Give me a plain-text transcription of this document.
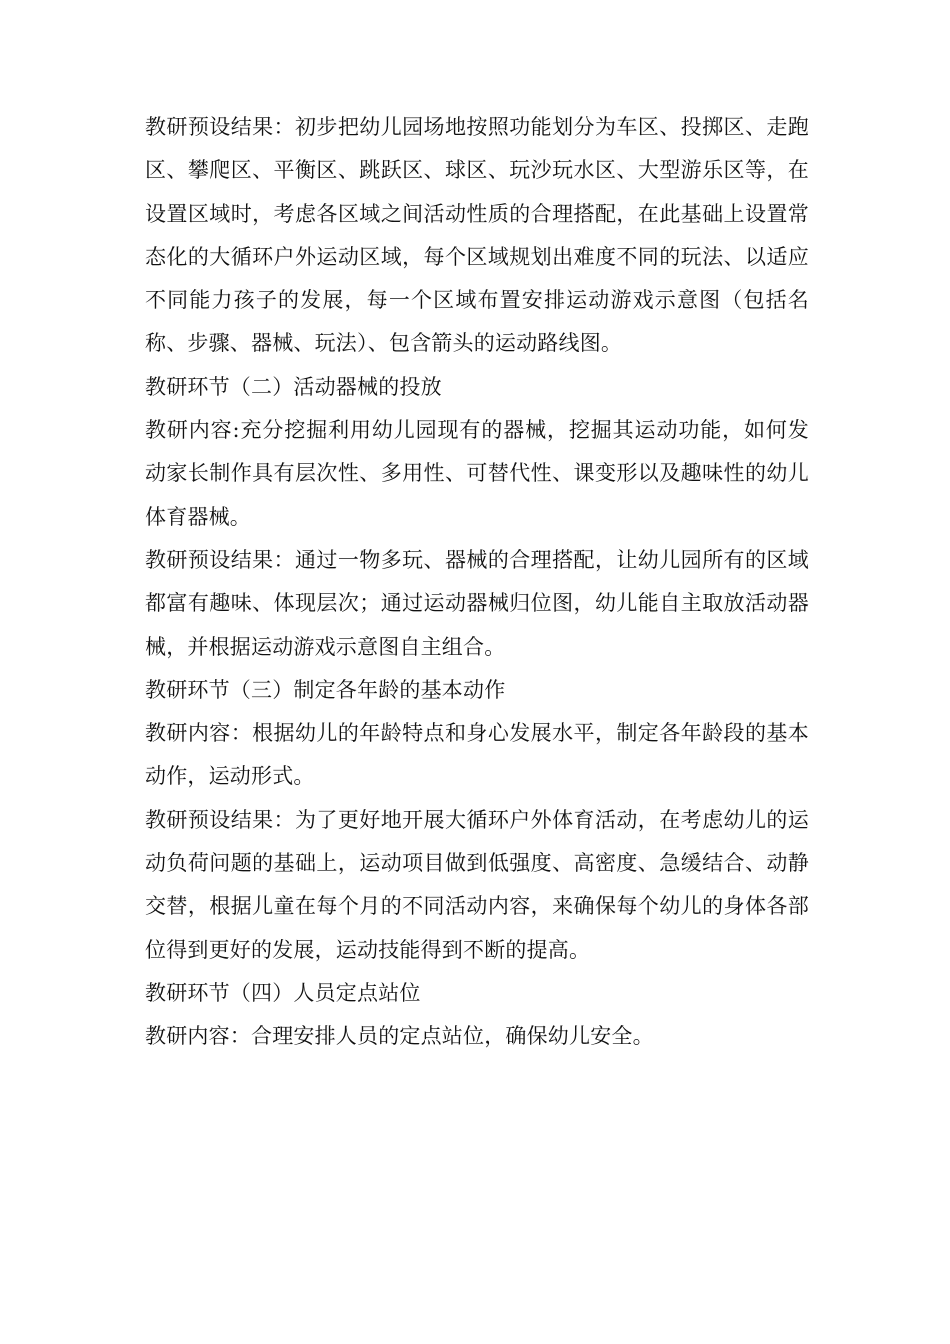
教研预设结果：初步把幼儿园场地按照功能划分为车区、投掷区、走跑区、攀爬区、平衡区、跳跃区、球区、玩沙玩水区、大型游乐区等，在设置区域时，考虑各区域之间活动性质的合理搭配，在此基础上设置常态化的大循环户外运动区域，每个区域规划出难度不同的玩法、以适应不同能力孩子的发展，每一个区域布置安排运动游戏示意图（包括名称、步骤、器械、玩法）、包含箭头的运动路线图。

教研环节（二）活动器械的投放

教研内容:充分挖掘利用幼儿园现有的器械，挖掘其运动功能，如何发动家长制作具有层次性、多用性、可替代性、课变形以及趣味性的幼儿体育器械。

教研预设结果：通过一物多玩、器械的合理搭配，让幼儿园所有的区域都富有趣味、体现层次；通过运动器械归位图，幼儿能自主取放活动器械，并根据运动游戏示意图自主组合。

教研环节（三）制定各年龄的基本动作

教研内容：根据幼儿的年龄特点和身心发展水平，制定各年龄段的基本动作，运动形式。

教研预设结果：为了更好地开展大循环户外体育活动，在考虑幼儿的运动负荷问题的基础上，运动项目做到低强度、高密度、急缓结合、动静交替，根据儿童在每个月的不同活动内容，来确保每个幼儿的身体各部位得到更好的发展，运动技能得到不断的提高。

教研环节（四）人员定点站位

教研内容：合理安排人员的定点站位，确保幼儿安全。
